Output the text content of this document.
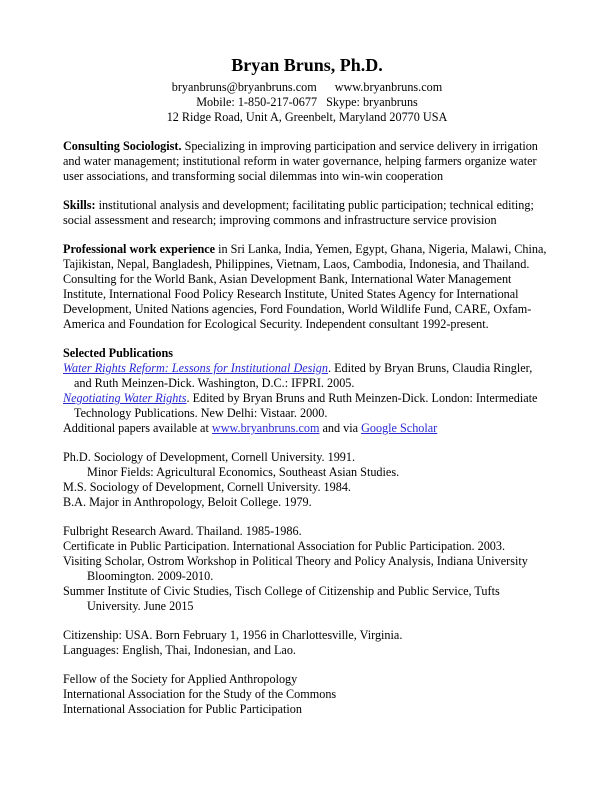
Bryan Bruns, Ph.D.

bryanbruns@bryanbruns.com www.bryanbruns.com

Mobile: 1-850-217-0677 Skype: bryanbruns

12 Ridge Road, Unit A, Greenbelt, Maryland 20770 USA

Consulting Sociologist. Specializing in improving participation and service delivery in irrigation and water management; institutional reform in water governance, helping farmers organize water user associations, and transforming social dilemmas into win-win cooperation

Skills: institutional analysis and development; facilitating public participation; technical editing; social assessment and research; improving commons and infrastructure service provision

Professional work experience in Sri Lanka, India, Yemen, Egypt, Ghana, Nigeria, Malawi, China, Tajikistan, Nepal, Bangladesh, Philippines, Vietnam, Laos, Cambodia, Indonesia, and Thailand. Consulting for the World Bank, Asian Development Bank, International Water Management Institute, International Food Policy Research Institute, United States Agency for International Development, United Nations agencies, Ford Foundation, World Wildlife Fund, CARE, Oxfam-America and Foundation for Ecological Security. Independent consultant 1992-present.

Selected Publications

Water Rights Reform: Lessons for Institutional Design. Edited by Bryan Bruns, Claudia Ringler, and Ruth Meinzen-Dick. Washington, D.C.: IFPRI. 2005.

Negotiating Water Rights. Edited by Bryan Bruns and Ruth Meinzen-Dick. London: Intermediate Technology Publications. New Delhi: Vistaar. 2000.

Additional papers available at www.bryanbruns.com and via Google Scholar

Ph.D. Sociology of Development, Cornell University. 1991.
Minor Fields: Agricultural Economics, Southeast Asian Studies.
M.S. Sociology of Development, Cornell University. 1984.
B.A. Major in Anthropology, Beloit College. 1979.

Fulbright Research Award. Thailand. 1985-1986.

Certificate in Public Participation. International Association for Public Participation. 2003.

Visiting Scholar, Ostrom Workshop in Political Theory and Policy Analysis, Indiana University Bloomington. 2009-2010.

Summer Institute of Civic Studies, Tisch College of Citizenship and Public Service, Tufts University. June 2015

Citizenship: USA. Born February 1, 1956 in Charlottesville, Virginia.
Languages: English, Thai, Indonesian, and Lao.
Fellow of the Society for Applied Anthropology
International Association for the Study of the Commons
International Association for Public Participation
